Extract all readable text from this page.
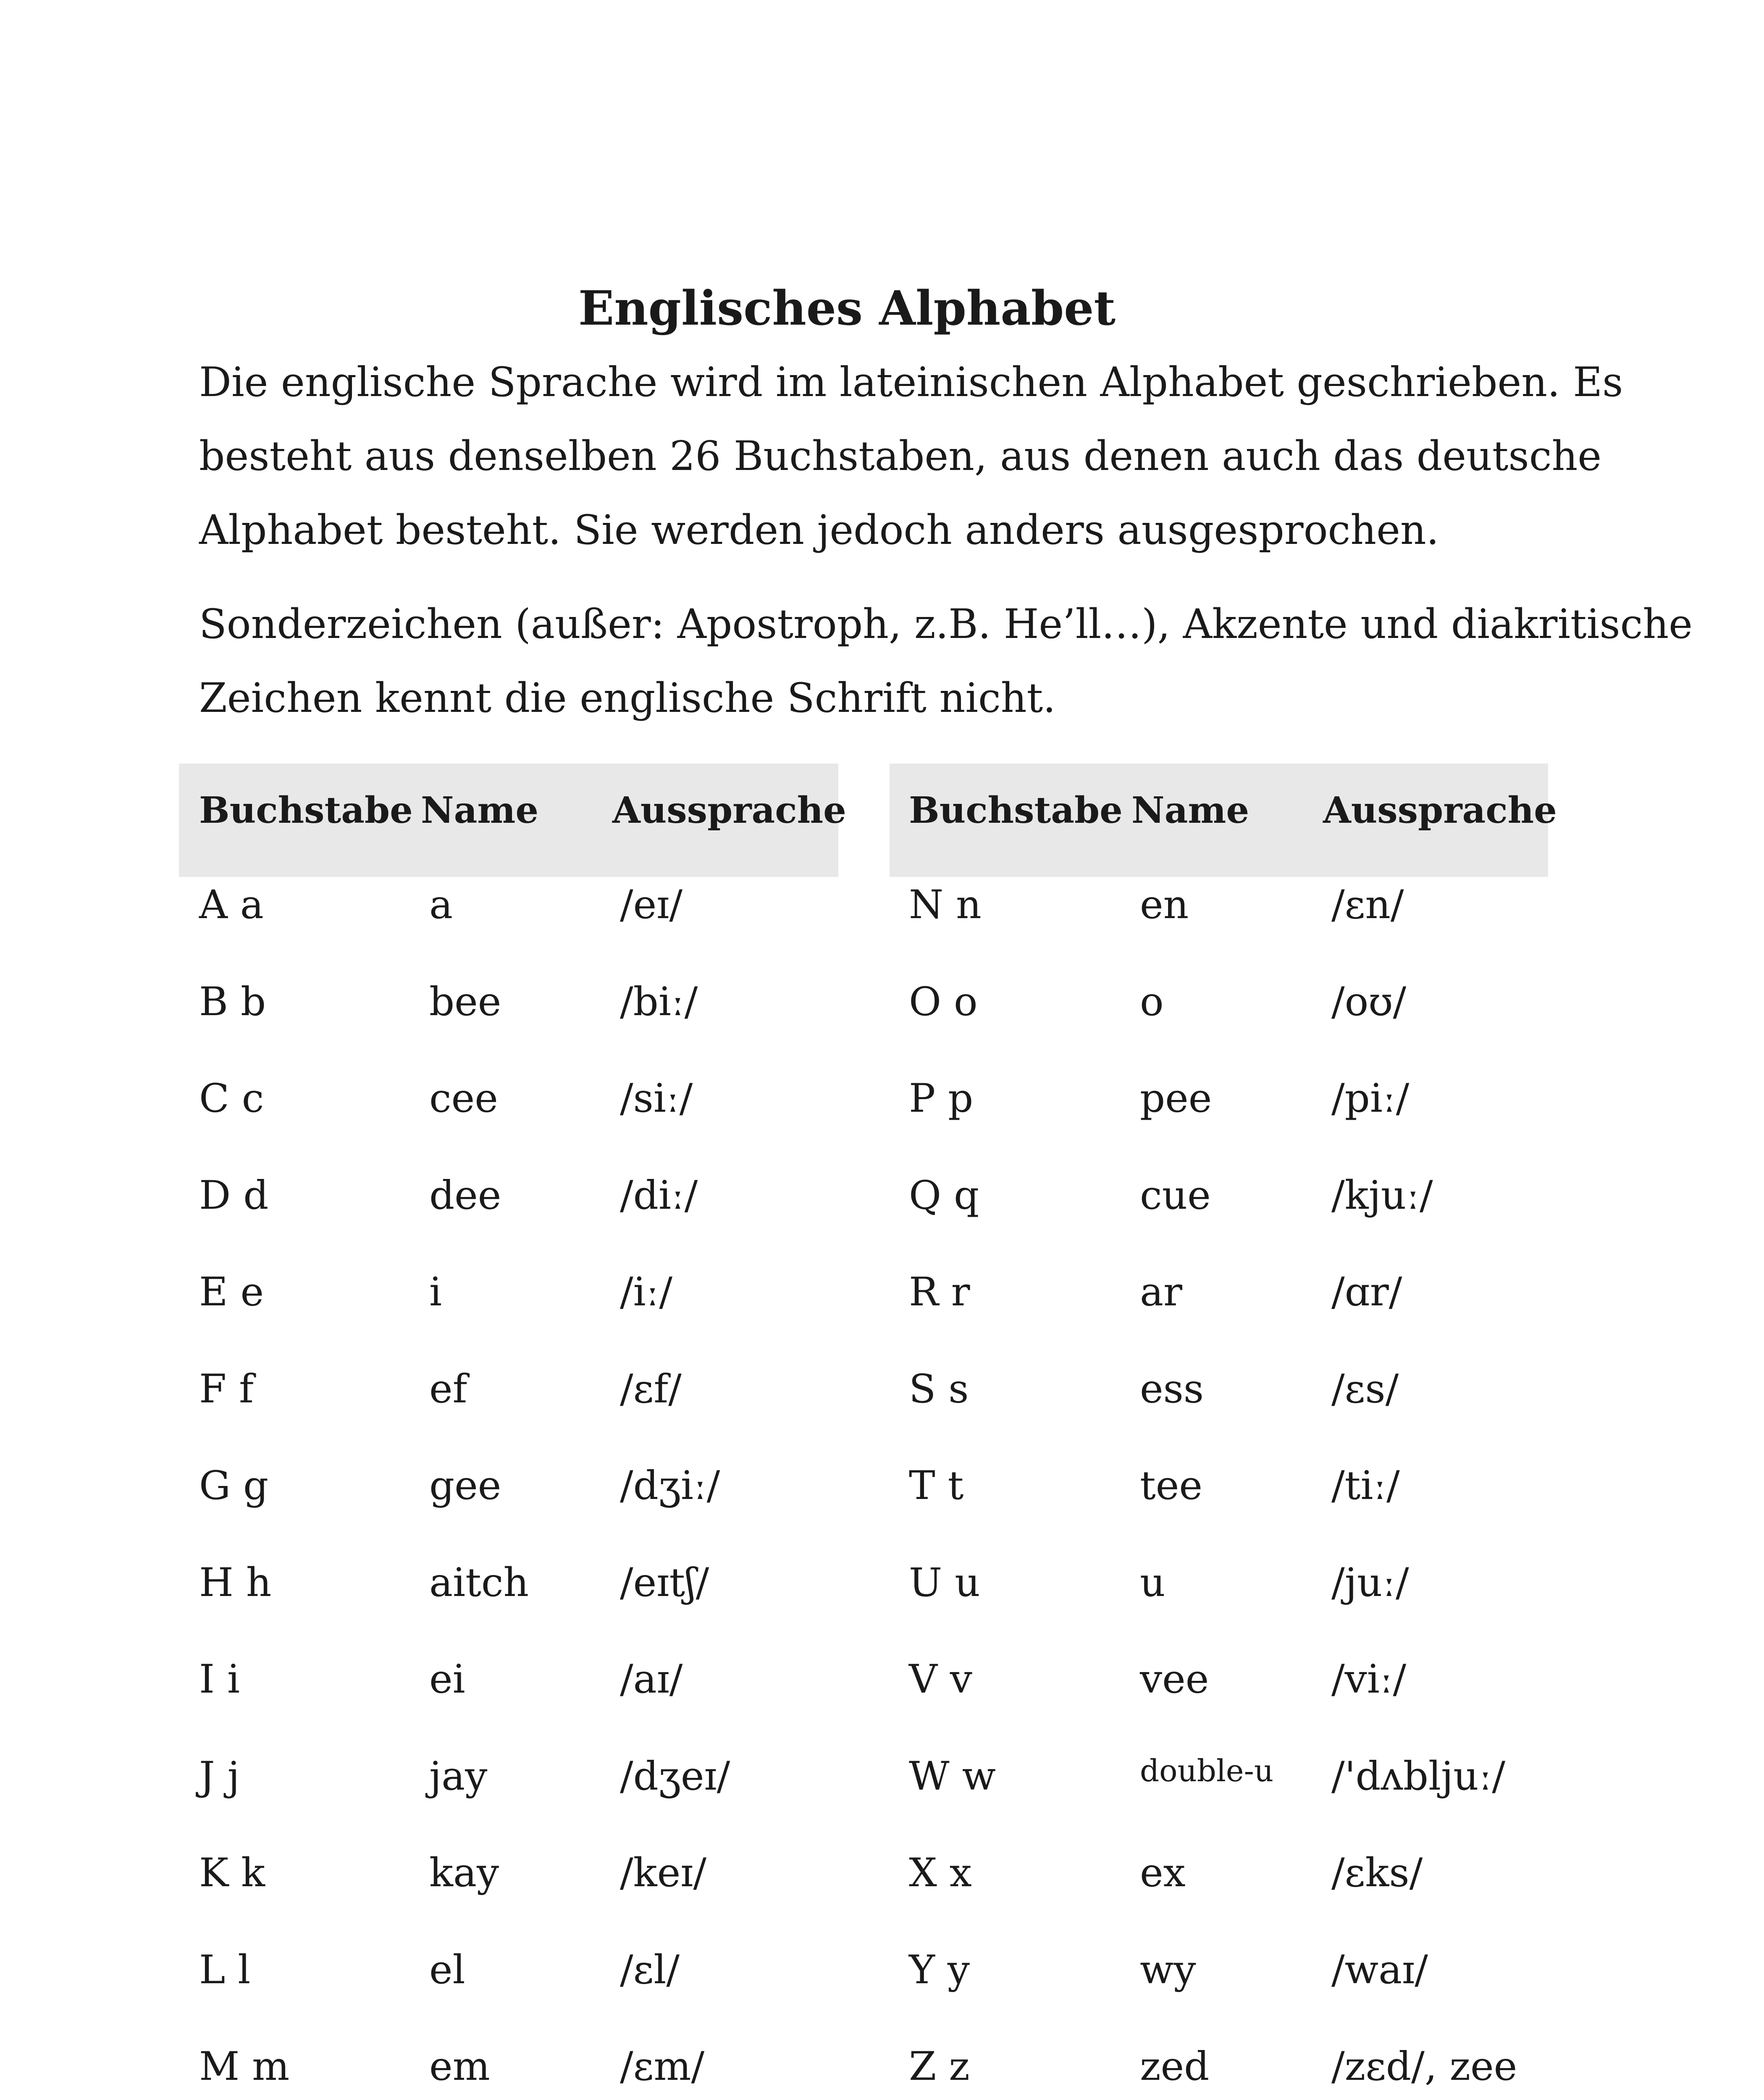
Englisches Alphabet

Die englische Sprache wird im lateinischen Alphabet geschrieben. Es
besteht aus denselben 26 Buchstaben, aus denen auch das deutsche
Alphabet besteht. Sie werden jedoch anders ausgesprochen.

Sonderzeichen (außer: Apostroph, z.B. He’ll…), Akzente und diakritische
Zeichen kennt die englische Schrift nicht.

Buchstabe Name Aussprache Buchstabe Name Aussprache
A a	a	/eɪ/
B b	bee	/biː/
C c	cee	/siː/
D d	dee	/diː/
E e	i	/iː/
F f	ef	/ɛf/
G g	gee	/dʒiː/
H h	aitch /eɪtʃ/
I i	ei	/aɪ/
J j	jay	/dʒeɪ/
K k	kay	/keɪ/
L l	el	/ɛl/
M m	em	/ɛm/
N n	en	/ɛn/
O o	o	/oʊ/
P p	pee	/piː/
Q q	cue	/kjuː/
R r	ar	/ɑr/
S s	ess	/ɛs/
T t	tee	/tiː/
U u	u	/juː/
V v	vee	/viː/
W w	double-u /'dʌbljuː/
X x	ex	/ɛks/
Y y	wy	/waɪ/
Z z	zed	/zɛd/, zee
